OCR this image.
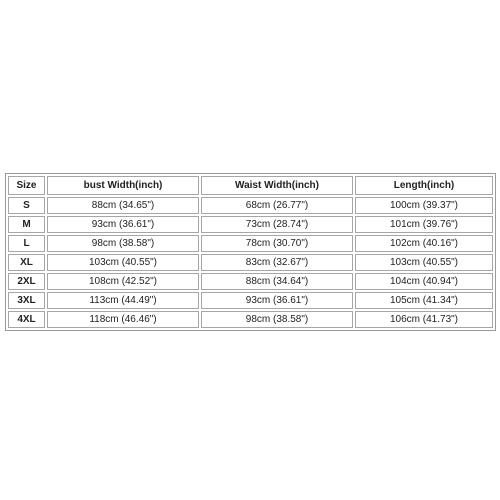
Size	bust Width(inch)	Waist Width(inch)	Length(inch)
S	88cm (34.65")	68cm (26.77")	100cm (39.37")
M	93cm (36.61")	73cm (28.74")	101cm (39.76")
L	98cm (38.58")	78cm (30.70")	102cm (40.16")
XL	103cm (40.55")	83cm (32.67")	103cm (40.55")
2XL	108cm (42.52")	88cm (34.64")	104cm (40.94")
3XL	113cm (44.49")	93cm (36.61")	105cm (41.34")
4XL	118cm (46.46")	98cm (38.58")	106cm (41.73")
